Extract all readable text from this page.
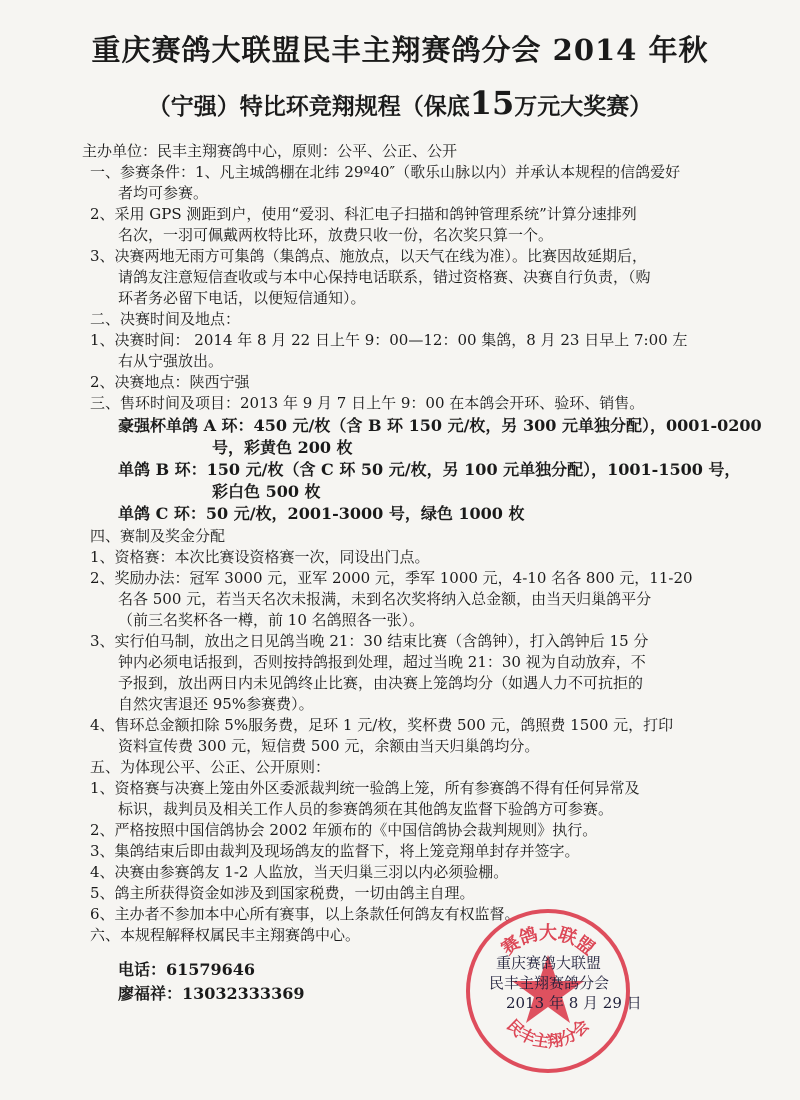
重庆赛鸽大联盟民丰主翔赛鸽分会 2014 年秋
（宁强）特比环竞翔规程（保底15万元大奖赛）
主办单位：民丰主翔赛鸽中心，原则：公平、公正、公开
一、参赛条件：1、凡主城鸽棚在北纬 29º40″（歌乐山脉以内）并承认本规程的信鸽爱好
者均可参赛。
2、采用 GPS 测距到户，使用“爱羽、科汇电子扫描和鸽钟管理系统”计算分速排列
名次，一羽可佩戴两枚特比环，放费只收一份，名次奖只算一个。
3、决赛两地无雨方可集鸽（集鸽点、施放点，以天气在线为准）。比赛因故延期后，
请鸽友注意短信查收或与本中心保持电话联系，错过资格赛、决赛自行负责，（购
环者务必留下电话，以便短信通知）。
二、决赛时间及地点：
1、决赛时间： 2014 年 8 月 22 日上午 9：00—12：00 集鸽，8 月 23 日早上 7:00 左
右从宁强放出。
2、决赛地点：陕西宁强
三、售环时间及项目：2013 年 9 月 7 日上午 9：00 在本鸽会开环、验环、销售。
豪强杯单鸽 A 环：450 元/枚（含 B 环 150 元/枚，另 300 元单独分配），0001-0200
号，彩黄色 200 枚
单鸽 B 环：150 元/枚（含 C 环 50 元/枚，另 100 元单独分配），1001-1500 号，
彩白色 500 枚
单鸽 C 环：50 元/枚，2001-3000 号，绿色 1000 枚
四、赛制及奖金分配
1、资格赛：本次比赛设资格赛一次，同设出门点。
2、奖励办法：冠军 3000 元，亚军 2000 元，季军 1000 元，4-10 名各 800 元，11-20
名各 500 元，若当天名次未报满，未到名次奖将纳入总金额，由当天归巢鸽平分
（前三名奖杯各一樽，前 10 名鸽照各一张）。
3、实行伯马制，放出之日见鸽当晚 21：30 结束比赛（含鸽钟），打入鸽钟后 15 分
钟内必须电话报到，否则按持鸽报到处理，超过当晚 21：30 视为自动放弃，不
予报到，放出两日内未见鸽终止比赛，由决赛上笼鸽均分（如遇人力不可抗拒的
自然灾害退还 95%参赛费）。
4、售环总金额扣除 5%服务费，足环 1 元/枚，奖杯费 500 元，鸽照费 1500 元，打印
资料宣传费 300 元，短信费 500 元，余额由当天归巢鸽均分。
五、为体现公平、公正、公开原则：
1、资格赛与决赛上笼由外区委派裁判统一验鸽上笼，所有参赛鸽不得有任何异常及
标识，裁判员及相关工作人员的参赛鸽须在其他鸽友监督下验鸽方可参赛。
2、严格按照中国信鸽协会 2002 年颁布的《中国信鸽协会裁判规则》执行。
3、集鸽结束后即由裁判及现场鸽友的监督下，将上笼竞翔单封存并签字。
4、决赛由参赛鸽友 1-2 人监放，当天归巢三羽以内必须验棚。
5、鸽主所获得资金如涉及到国家税费，一切由鸽主自理。
6、主办者不参加本中心所有赛事，以上条款任何鸽友有权监督。
六、本规程解释权属民丰主翔赛鸽中心。
电话：61579646
廖福祥：13032333369
赛鸽大联盟
民丰主翔分会
重庆赛鸽大联盟
民丰主翔赛鸽分会
2013 年 8 月 29 日
